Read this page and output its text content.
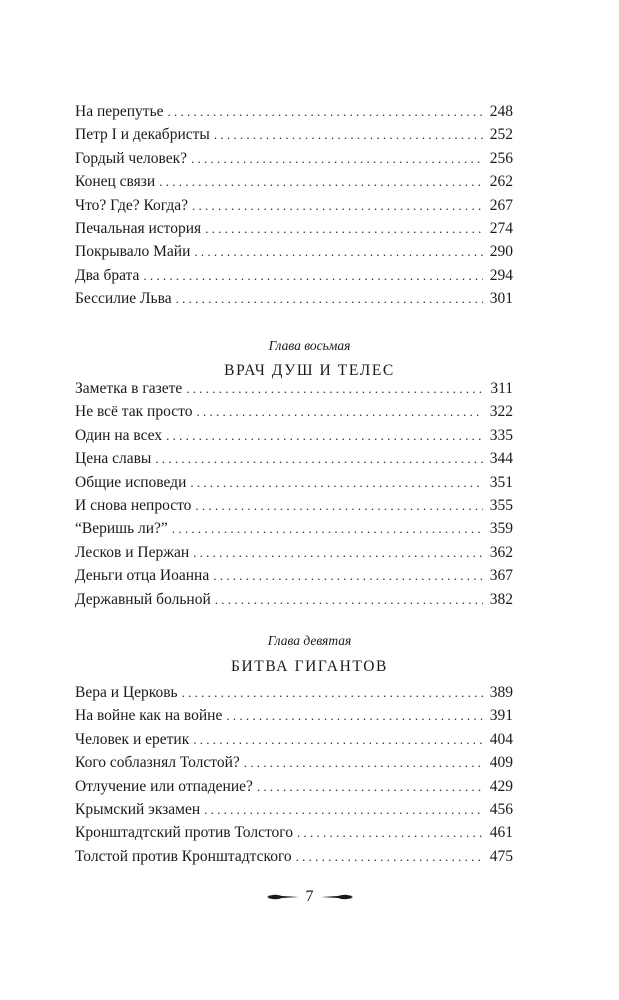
На перепутье . . .	248
Петр I и декабристы . . .	252
Гордый человек? . . .	256
Конец связи . . .	262
Что? Где? Когда? . . .	267
Печальная история . . .	274
Покрывало Майи . . .	290
Два брата . . .	294
Бессилие Льва . . .	301
Глава восьмая
ВРАЧ ДУШ И ТЕЛЕС
Заметка в газете . . .	311
Не всё так просто . . .	322
Один на всех . . .	335
Цена славы . . .	344
Общие исповеди . . .	351
И снова непросто . . .	355
“Веришь ли?” . . .	359
Лесков и Пержан . . .	362
Деньги отца Иоанна . . .	367
Державный больной . . .	382
Глава девятая
БИТВА ГИГАНТОВ
Вера и Церковь . . .	389
На войне как на войне . . .	391
Человек и еретик . . .	404
Кого соблазнял Толстой? . . .	409
Отлучение или отпадение? . . .	429
Крымский экзамен . . .	456
Кронштадтский против Толстого . . .	461
Толстой против Кронштадтского . . .	475
7
